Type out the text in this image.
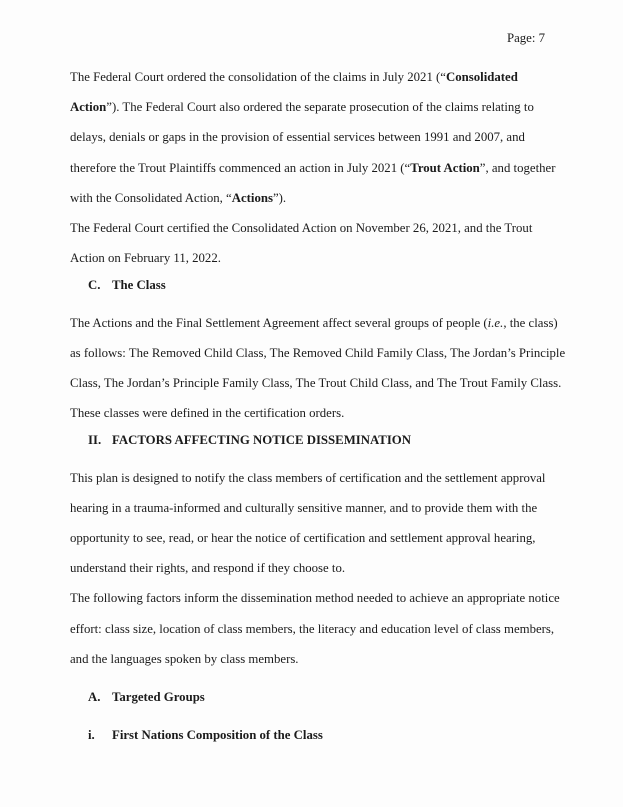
Page: 7
The Federal Court ordered the consolidation of the claims in July 2021 (“Consolidated
Action”). The Federal Court also ordered the separate prosecution of the claims relating to
delays, denials or gaps in the provision of essential services between 1991 and 2007, and
therefore the Trout Plaintiffs commenced an action in July 2021 (“Trout Action”, and together
with the Consolidated Action, “Actions”).
The Federal Court certified the Consolidated Action on November 26, 2021, and the Trout
Action on February 11, 2022.
C. The Class
The Actions and the Final Settlement Agreement affect several groups of people (i.e., the class)
as follows: The Removed Child Class, The Removed Child Family Class, The Jordan’s Principle
Class, The Jordan’s Principle Family Class, The Trout Child Class, and The Trout Family Class.
These classes were defined in the certification orders.
II. FACTORS AFFECTING NOTICE DISSEMINATION
This plan is designed to notify the class members of certification and the settlement approval
hearing in a trauma-informed and culturally sensitive manner, and to provide them with the
opportunity to see, read, or hear the notice of certification and settlement approval hearing,
understand their rights, and respond if they choose to.
The following factors inform the dissemination method needed to achieve an appropriate notice
effort: class size, location of class members, the literacy and education level of class members,
and the languages spoken by class members.
A. Targeted Groups
i. First Nations Composition of the Class
